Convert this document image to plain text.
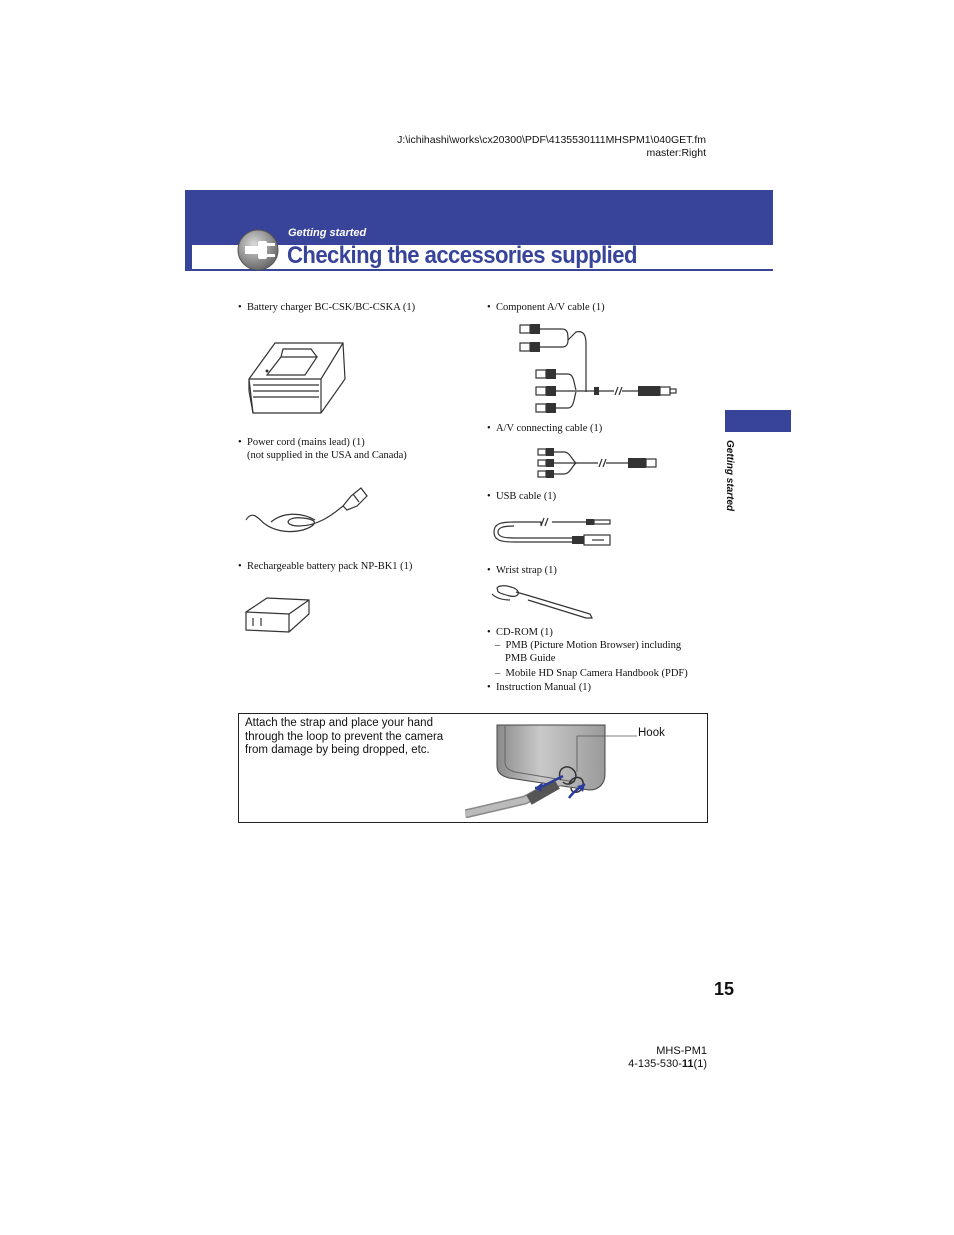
J:\ichihashi\works\cx20300\PDF\4135530111MHSPM1\040GET.fm
master:Right
Getting started
Checking the accessories supplied
• Battery charger BC-CSK/BC-CSKA (1)
• Power cord (mains lead) (1)
(not supplied in the USA and Canada)
• Rechargeable battery pack NP-BK1 (1)
• Component A/V cable (1)
• A/V connecting cable (1)
• USB cable (1)
• Wrist strap (1)
• CD-ROM (1)
– PMB (Picture Motion Browser) including
PMB Guide
– Mobile HD Snap Camera Handbook (PDF)
• Instruction Manual (1)
Getting started
Attach the strap and place your hand
through the loop to prevent the camera
from damage by being dropped, etc.
Hook
15
MHS-PM1
4-135-530-11(1)
